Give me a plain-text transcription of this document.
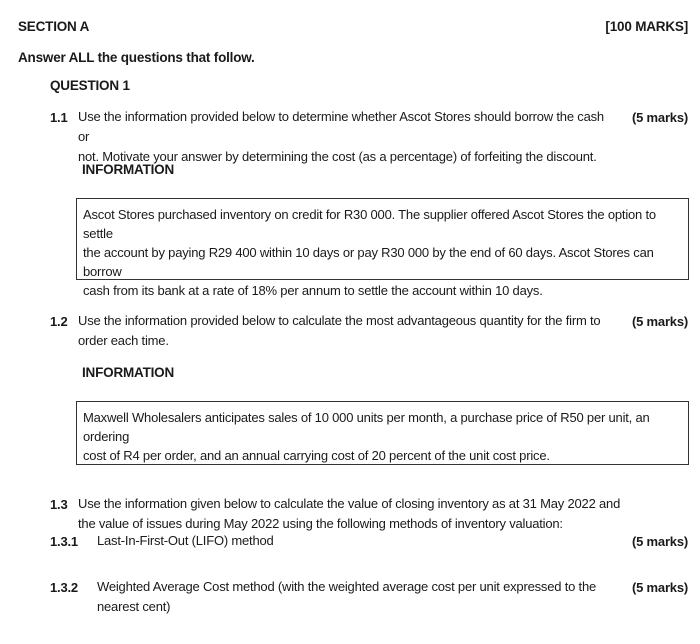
SECTION A	[100 MARKS]
Answer ALL the questions that follow.
QUESTION 1
1.1 Use the information provided below to determine whether Ascot Stores should borrow the cash or
not. Motivate your answer by determining the cost (as a percentage) of forfeiting the discount.
(5 marks)
INFORMATION
Ascot Stores purchased inventory on credit for R30 000. The supplier offered Ascot Stores the option to settle
the account by paying R29 400 within 10 days or pay R30 000 by the end of 60 days. Ascot Stores can borrow
cash from its bank at a rate of 18% per annum to settle the account within 10 days.
1.2 Use the information provided below to calculate the most advantageous quantity for the firm to
order each time.
(5 marks)
INFORMATION
Maxwell Wholesalers anticipates sales of 10 000 units per month, a purchase price of R50 per unit, an ordering
cost of R4 per order, and an annual carrying cost of 20 percent of the unit cost price.
1.3 Use the information given below to calculate the value of closing inventory as at 31 May 2022 and
the value of issues during May 2022 using the following methods of inventory valuation:
1.3.1 Last-In-First-Out (LIFO) method	(5 marks)
1.3.2 Weighted Average Cost method (with the weighted average cost per unit expressed to the
nearest cent)
(5 marks)
